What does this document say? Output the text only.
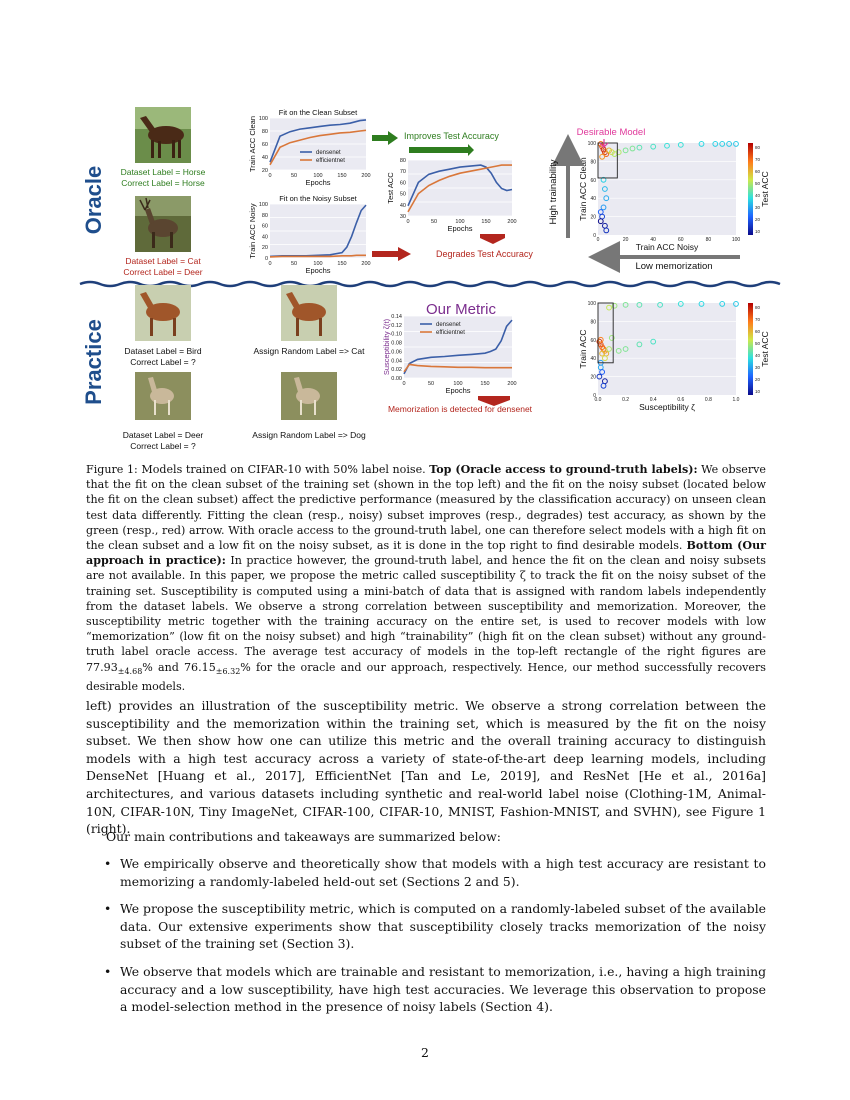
Oracle
Practice
Dataset Label = Horse
Correct Label = Horse
Dataset Label = Cat
Correct Label = Deer
Dataset Label = Bird
Correct Label = ?
Dataset Label = Deer
Correct Label = ?
Assign Random Label => Cat
Assign Random Label => Dog
100
80
60
40
20
0	50	100	150	200
Epochs
Train ACC Clean
Fit on the Clean Subset
densenet
efficientnet
100
80
60
40
20
0
0	50	100	150	200
Epochs
Train ACC Noisy
Fit on the Noisy Subset
80
70
60
50
40
30
0	50	100	150	200
Epochs
Test ACC
0.14
0.12
0.10
0.08
0.06
0.04
0.02
0.00
0	50	100	150	200
Epochs
Susceptibility ζ(t)	densenet
efficientnet
Improves Test Accuracy
Degrades Test Accuracy
Our Metric
Memorization is detected for densenet
100
80
60
40
20
0
0	20	40	60	80	100
Train ACC Noisy
Train ACC Clean
80
70
60
50
40
30
20
10
Test ACC
100
80
60
40
20
0
0.0	0.2	0.4	0.6	0.8	1.0
Susceptibility ζ
Train ACC
80
70
60
50
40
30
20
10
Test ACC
Desirable Model
High trainability
Low memorization
Figure 1: Models trained on CIFAR-10 with 50% label noise. Top (Oracle access to ground-truth labels): We observe that the fit on the clean subset of the training set (shown in the top left) and the fit on the noisy subset (located below the fit on the clean subset) affect the predictive performance (measured by the classification accuracy) on unseen clean test data differently. Fitting the clean (resp., noisy) subset improves (resp., degrades) test accuracy, as shown by the green (resp., red) arrow. With oracle access to the ground-truth label, one can therefore select models with a high fit on the clean subset and a low fit on the noisy subset, as it is done in the top right to find desirable models. Bottom (Our approach in practice): In practice however, the ground-truth label, and hence the fit on the clean and noisy subsets are not available. In this paper, we propose the metric called susceptibility ζ to track the fit on the noisy subset of the training set. Susceptibility is computed using a mini-batch of data that is assigned with random labels independently from the dataset labels. We observe a strong correlation between susceptibility and memorization. Moreover, the susceptibility metric together with the training accuracy on the entire set, is used to recover models with low “memorization” (low fit on the noisy subset) and high “trainability” (high fit on the clean subset) without any ground-truth label oracle access. The average test accuracy of models in the top-left rectangle of the right figures are $77.93_{\pm 4.68}\%$ and $76.15_{\pm 6.32}\%$ for the oracle and our approach, respectively. Hence, our method successfully recovers desirable models.

left) provides an illustration of the susceptibility metric. We observe a strong correlation between the susceptibility and the memorization within the training set, which is measured by the fit on the noisy subset. We then show how one can utilize this metric and the overall training accuracy to distinguish models with a high test accuracy across a variety of state-of-the-art deep learning models, including DenseNet [Huang et al., 2017], EfficientNet [Tan and Le, 2019], and ResNet [He et al., 2016a] architectures, and various datasets including synthetic and real-world label noise (Clothing-1M, Animal-10N, CIFAR-10N, Tiny ImageNet, CIFAR-100, CIFAR-10, MNIST, Fashion-MNIST, and SVHN), see Figure 1 (right).

Our main contributions and takeaways are summarized below:

• We empirically observe and theoretically show that models with a high test accuracy are resistant to memorizing a randomly-labeled held-out set (Sections 2 and 5).
• We propose the susceptibility metric, which is computed on a randomly-labeled subset of the available data. Our extensive experiments show that susceptibility closely tracks memorization of the noisy subset of the training set (Section 3).
• We observe that models which are trainable and resistant to memorization, i.e., having a high training accuracy and a low susceptibility, have high test accuracies. We leverage this observation to propose a model-selection method in the presence of noisy labels (Section 4).
2
